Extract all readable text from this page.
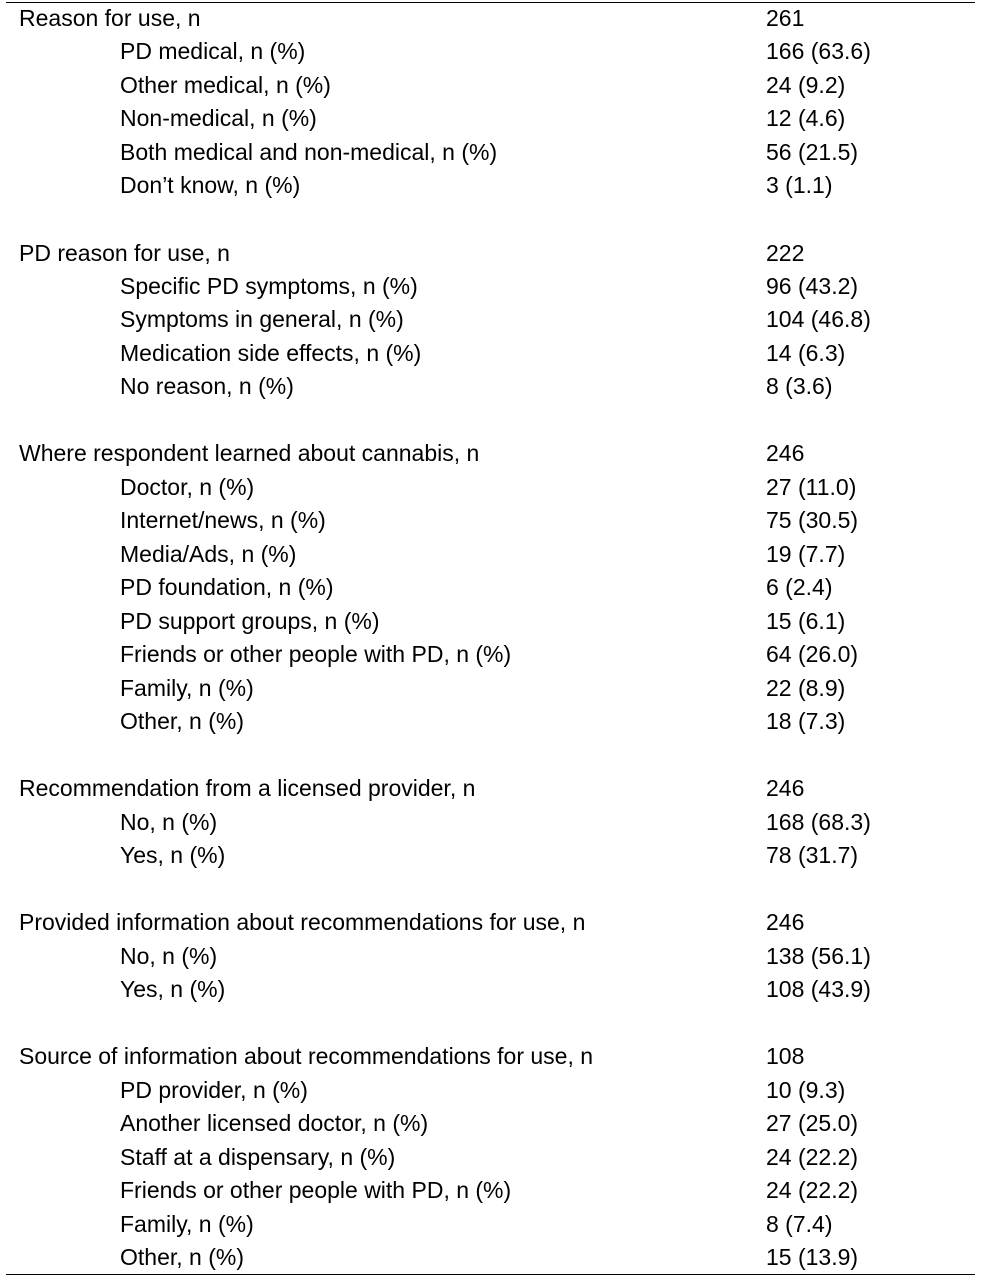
Reason for use, n	261
PD medical, n (%)	166 (63.6)
Other medical, n (%)	24 (9.2)
Non-medical, n (%)	12 (4.6)
Both medical and non-medical, n (%)	56 (21.5)
Don’t know, n (%)	3 (1.1)
PD reason for use, n	222
Specific PD symptoms, n (%)	96 (43.2)
Symptoms in general, n (%)	104 (46.8)
Medication side effects, n (%)	14 (6.3)
No reason, n (%)	8 (3.6)
Where respondent learned about cannabis, n	246
Doctor, n (%)	27 (11.0)
Internet/news, n (%)	75 (30.5)
Media/Ads, n (%)	19 (7.7)
PD foundation, n (%)	6 (2.4)
PD support groups, n (%)	15 (6.1)
Friends or other people with PD, n (%)	64 (26.0)
Family, n (%)	22 (8.9)
Other, n (%)	18 (7.3)
Recommendation from a licensed provider, n	246
No, n (%)	168 (68.3)
Yes, n (%)	78 (31.7)
Provided information about recommendations for use, n	246
No, n (%)	138 (56.1)
Yes, n (%)	108 (43.9)
Source of information about recommendations for use, n	108
PD provider, n (%)	10 (9.3)
Another licensed doctor, n (%)	27 (25.0)
Staff at a dispensary, n (%)	24 (22.2)
Friends or other people with PD, n (%)	24 (22.2)
Family, n (%)	8 (7.4)
Other, n (%)	15 (13.9)
